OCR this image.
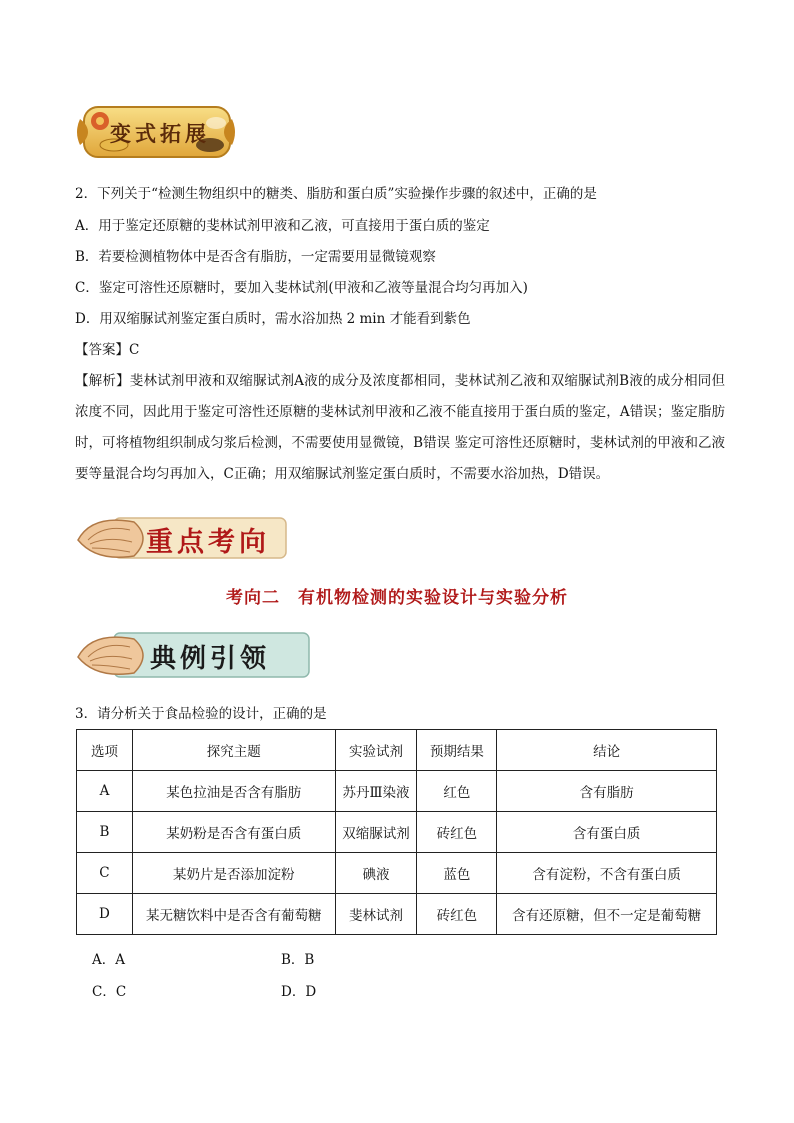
变式拓展
2．下列关于“检测生物组织中的糖类、脂肪和蛋白质”实验操作步骤的叙述中，正确的是
A．用于鉴定还原糖的斐林试剂甲液和乙液，可直接用于蛋白质的鉴定
B．若要检测植物体中是否含有脂肪，一定需要用显微镜观察
C．鉴定可溶性还原糖时，要加入斐林试剂(甲液和乙液等量混合均匀再加入)
D．用双缩脲试剂鉴定蛋白质时，需水浴加热 2 min 才能看到紫色
【答案】C
【解析】斐林试剂甲液和双缩脲试剂A液的成分及浓度都相同，斐林试剂乙液和双缩脲试剂B液的成分相同但浓度不同，因此用于鉴定可溶性还原糖的斐林试剂甲液和乙液不能直接用于蛋白质的鉴定，A错误；鉴定脂肪时，可将植物组织制成匀浆后检测，不需要使用显微镜，B错误 鉴定可溶性还原糖时，斐林试剂的甲液和乙液要等量混合均匀再加入，C正确；用双缩脲试剂鉴定蛋白质时，不需要水浴加热，D错误。
重点考向
考向二　有机物检测的实验设计与实验分析
典例引领
3．请分析关于食品检验的设计，正确的是
选项	探究主题	实验试剂	预期结果	结论
A	某色拉油是否含有脂肪	苏丹Ⅲ染液	红色	含有脂肪
B	某奶粉是否含有蛋白质	双缩脲试剂	砖红色	含有蛋白质
C	某奶片是否添加淀粉	碘液	蓝色	含有淀粉，不含有蛋白质
D	某无糖饮料中是否含有葡萄糖	斐林试剂	砖红色	含有还原糖，但不一定是葡萄糖
A．A	B．B
C．C	D．D
